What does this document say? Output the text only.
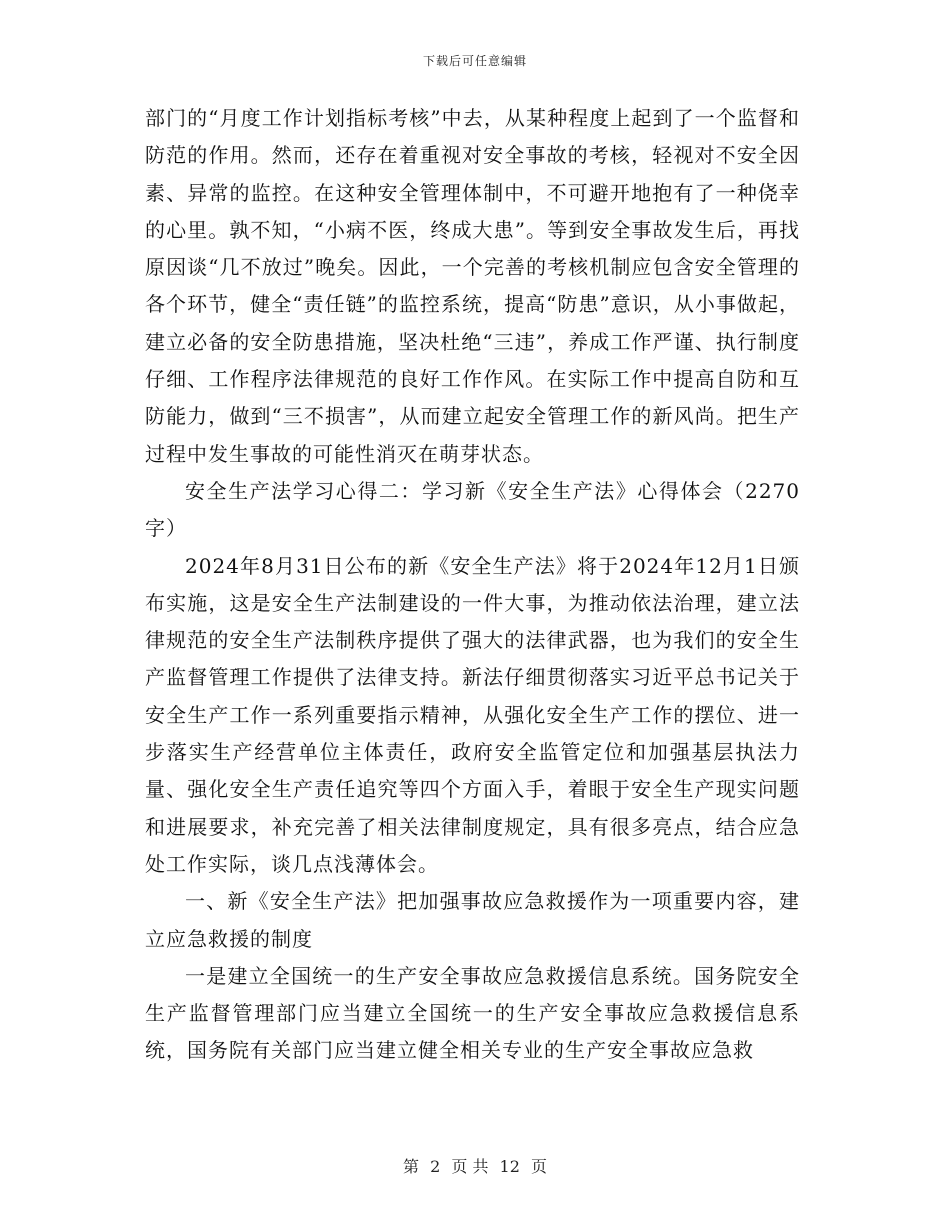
下载后可任意编辑

部门的“月度工作计划指标考核”中去，从某种程度上起到了一个监督和防范的作用。然而，还存在着重视对安全事故的考核，轻视对不安全因素、异常的监控。在这种安全管理体制中，不可避开地抱有了一种侥幸的心里。孰不知，“小病不医，终成大患”。等到安全事故发生后，再找原因谈“几不放过”晚矣。因此，一个完善的考核机制应包含安全管理的各个环节，健全“责任链”的监控系统，提高“防患”意识，从小事做起，建立必备的安全防患措施，坚决杜绝“三违”，养成工作严谨、执行制度仔细、工作程序法律规范的良好工作作风。在实际工作中提高自防和互防能力，做到“三不损害”，从而建立起安全管理工作的新风尚。把生产过程中发生事故的可能性消灭在萌芽状态。

安全生产法学习心得二：学习新《安全生产法》心得体会（2270字）

2024年8月31日公布的新《安全生产法》将于2024年12月1日颁布实施，这是安全生产法制建设的一件大事，为推动依法治理，建立法律规范的安全生产法制秩序提供了强大的法律武器，也为我们的安全生产监督管理工作提供了法律支持。新法仔细贯彻落实习近平总书记关于安全生产工作一系列重要指示精神，从强化安全生产工作的摆位、进一步落实生产经营单位主体责任，政府安全监管定位和加强基层执法力量、强化安全生产责任追究等四个方面入手，着眼于安全生产现实问题和进展要求，补充完善了相关法律制度规定，具有很多亮点，结合应急处工作实际，谈几点浅薄体会。

一、新《安全生产法》把加强事故应急救援作为一项重要内容，建立应急救援的制度

一是建立全国统一的生产安全事故应急救援信息系统。国务院安全生产监督管理部门应当建立全国统一的生产安全事故应急救援信息系统，国务院有关部门应当建立健全相关专业的生产安全事故应急救

第 2 页 共 12 页
